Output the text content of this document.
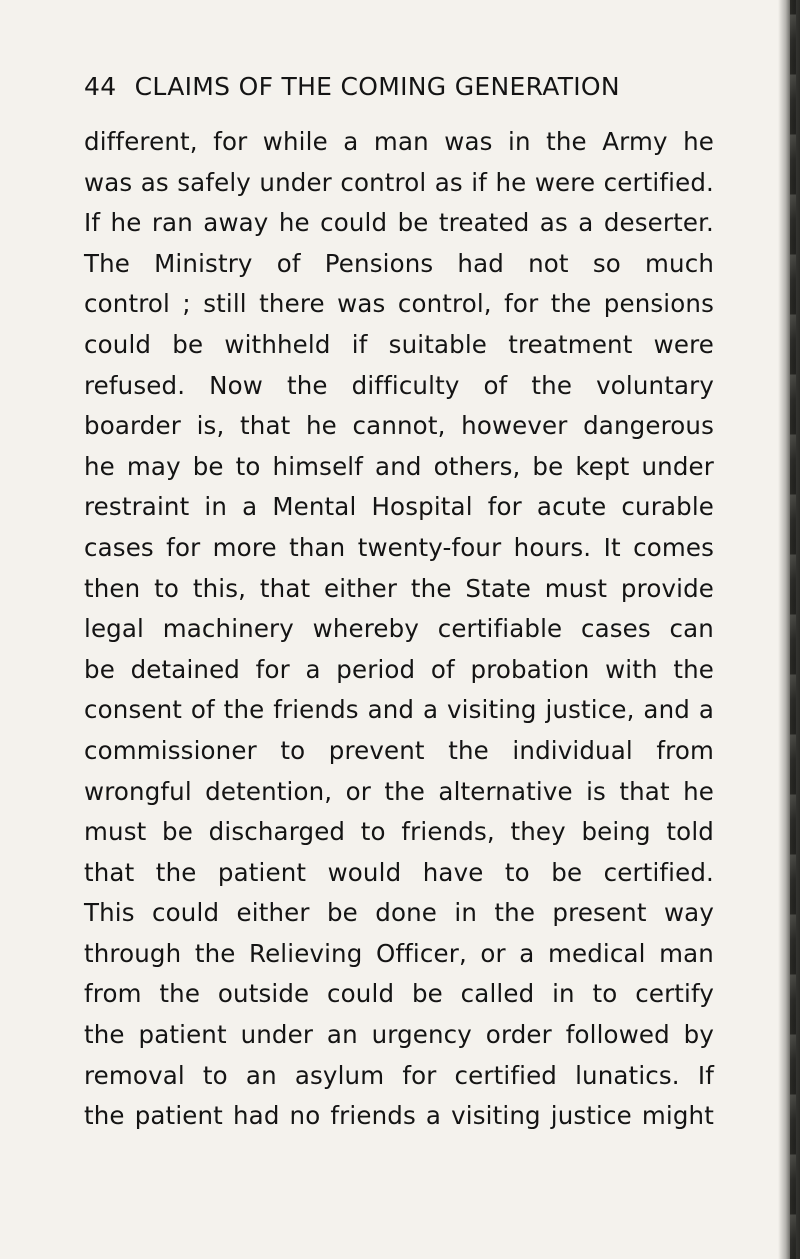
44 CLAIMS OF THE COMING GENERATION
different, for while a man was in the Army he
was as safely under control as if he were certified.
If he ran away he could be treated as a deserter.
The Ministry of Pensions had not so much
control ; still there was control, for the pensions
could be withheld if suitable treatment were
refused. Now the difficulty of the voluntary
boarder is, that he cannot, however dangerous
he may be to himself and others, be kept under
restraint in a Mental Hospital for acute curable
cases for more than twenty-four hours. It comes
then to this, that either the State must provide
legal machinery whereby certifiable cases can
be detained for a period of probation with the
consent of the friends and a visiting justice, and a
commissioner to prevent the individual from
wrongful detention, or the alternative is that he
must be discharged to friends, they being told
that the patient would have to be certified.
This could either be done in the present way
through the Relieving Officer, or a medical man
from the outside could be called in to certify
the patient under an urgency order followed by
removal to an asylum for certified lunatics. If
the patient had no friends a visiting justice might
